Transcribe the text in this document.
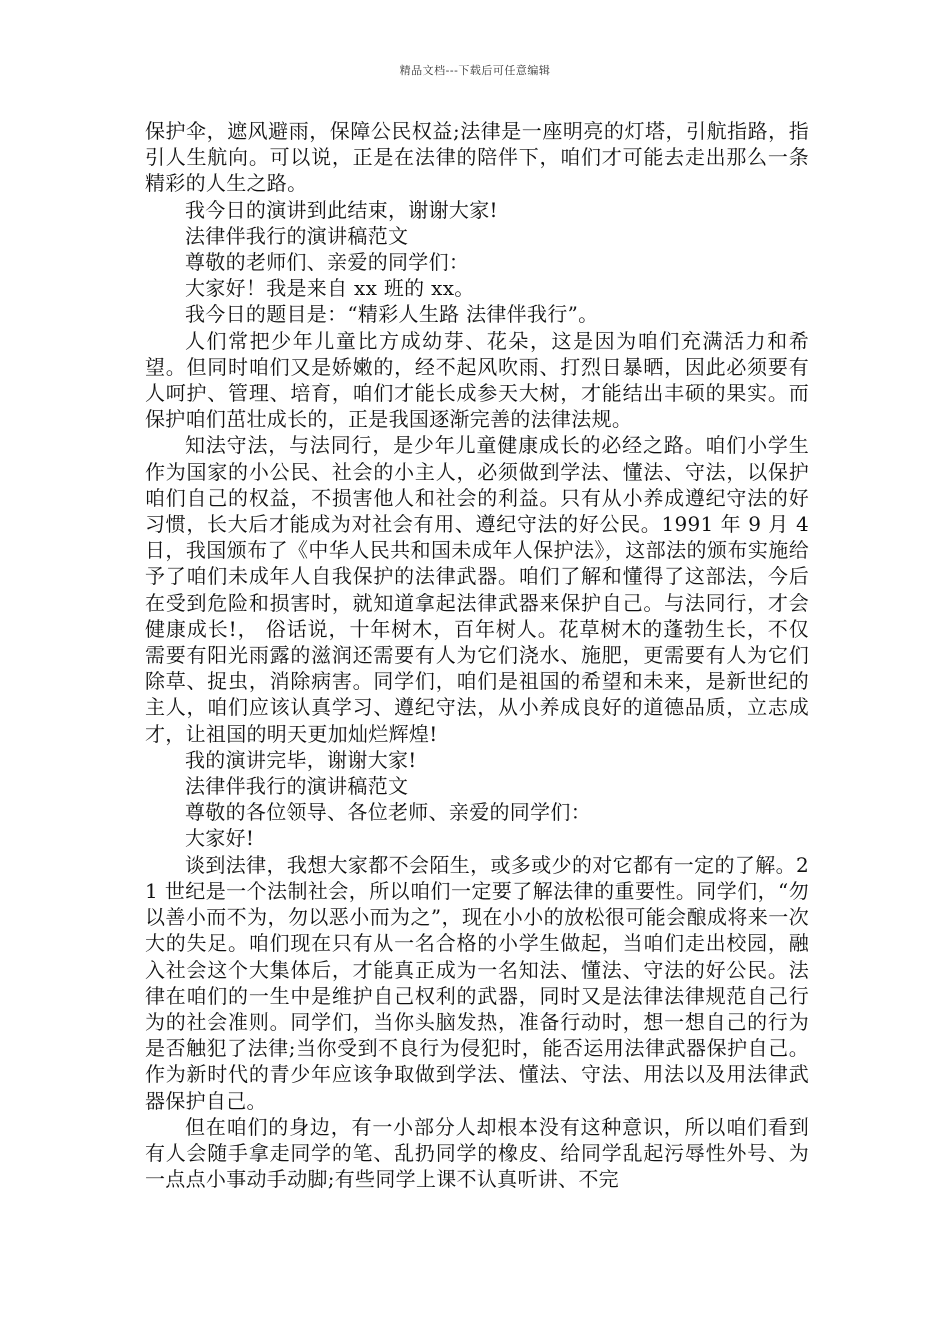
精品文档---下载后可任意编辑

保护伞，遮风避雨，保障公民权益;法律是一座明亮的灯塔，引航指路，指引人生航向。可以说，正是在法律的陪伴下，咱们才可能去走出那么一条精彩的人生之路。

我今日的演讲到此结束，谢谢大家!

法律伴我行的演讲稿范文

尊敬的老师们、亲爱的同学们：

大家好！我是来自 xx 班的 xx。

我今日的题目是：“精彩人生路 法律伴我行”。

人们常把少年儿童比方成幼芽、花朵，这是因为咱们充满活力和希望。但同时咱们又是娇嫩的，经不起风吹雨、打烈日暴晒，因此必须要有人呵护、管理、培育，咱们才能长成参天大树，才能结出丰硕的果实。而保护咱们茁壮成长的，正是我国逐渐完善的法律法规。

知法守法，与法同行，是少年儿童健康成长的必经之路。咱们小学生作为国家的小公民、社会的小主人，必须做到学法、懂法、守法，以保护咱们自己的权益，不损害他人和社会的利益。只有从小养成遵纪守法的好习惯，长大后才能成为对社会有用、遵纪守法的好公民。1991 年 9 月 4 日，我国颁布了《中华人民共和国未成年人保护法》，这部法的颁布实施给予了咱们未成年人自我保护的法律武器。咱们了解和懂得了这部法，今后在受到危险和损害时，就知道拿起法律武器来保护自己。与法同行，才会健康成长!， 俗话说，十年树木，百年树人。花草树木的蓬勃生长，不仅需要有阳光雨露的滋润还需要有人为它们浇水、施肥，更需要有人为它们除草、捉虫，消除病害。同学们，咱们是祖国的希望和未来，是新世纪的主人，咱们应该认真学习、遵纪守法，从小养成良好的道德品质，立志成才，让祖国的明天更加灿烂辉煌!

我的演讲完毕，谢谢大家!

法律伴我行的演讲稿范文

尊敬的各位领导、各位老师、亲爱的同学们：

大家好!

谈到法律，我想大家都不会陌生，或多或少的对它都有一定的了解。21 世纪是一个法制社会，所以咱们一定要了解法律的重要性。同学们，“勿以善小而不为，勿以恶小而为之”，现在小小的放松很可能会酿成将来一次大的失足。咱们现在只有从一名合格的小学生做起，当咱们走出校园，融入社会这个大集体后，才能真正成为一名知法、懂法、守法的好公民。法律在咱们的一生中是维护自己权利的武器，同时又是法律法律规范自己行为的社会准则。同学们，当你头脑发热，准备行动时，想一想自己的行为是否触犯了法律;当你受到不良行为侵犯时，能否运用法律武器保护自己。作为新时代的青少年应该争取做到学法、懂法、守法、用法以及用法律武器保护自己。

但在咱们的身边，有一小部分人却根本没有这种意识，所以咱们看到有人会随手拿走同学的笔、乱扔同学的橡皮、给同学乱起污辱性外号、为一点点小事动手动脚;有些同学上课不认真听讲、不完
